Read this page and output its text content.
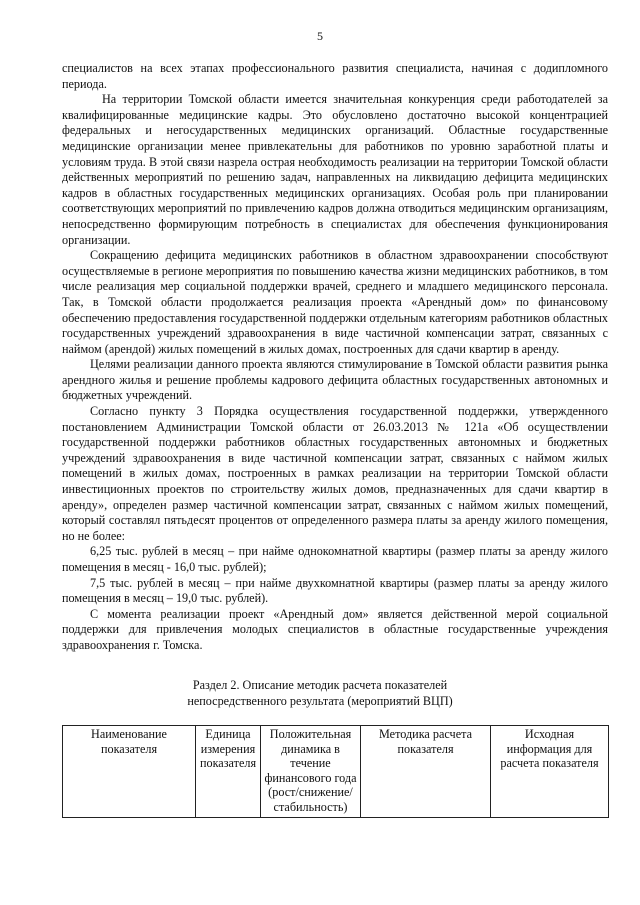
5

специалистов на всех этапах профессионального развития специалиста, начиная с додипломного периода.

На территории Томской области имеется значительная конкуренция среди работодателей за квалифицированные медицинские кадры. Это обусловлено достаточно высокой концентрацией федеральных и негосударственных медицинских организаций. Областные государственные медицинские организации менее привлекательны для работников по уровню заработной платы и условиям труда. В этой связи назрела острая необходимость реализации на территории Томской области действенных мероприятий по решению задач, направленных на ликвидацию дефицита медицинских кадров в областных государственных медицинских организациях. Особая роль при планировании соответствующих мероприятий по привлечению кадров должна отводиться медицинским организациям, непосредственно формирующим потребность в специалистах для обеспечения функционирования организации.

Сокращению дефицита медицинских работников в областном здравоохранении способствуют осуществляемые в регионе мероприятия по повышению качества жизни медицинских работников, в том числе реализация мер социальной поддержки врачей, среднего и младшего медицинского персонала. Так, в Томской области продолжается реализация проекта «Арендный дом» по финансовому обеспечению предоставления государственной поддержки отдельным категориям работников областных государственных учреждений здравоохранения в виде частичной компенсации затрат, связанных с наймом (арендой) жилых помещений в жилых домах, построенных для сдачи квартир в аренду.

Целями реализации данного проекта являются стимулирование в Томской области развития рынка арендного жилья и решение проблемы кадрового дефицита областных государственных автономных и бюджетных учреждений.

Согласно пункту 3 Порядка осуществления государственной поддержки, утвержденного постановлением Администрации Томской области от 26.03.2013 № 121а «Об осуществлении государственной поддержки работников областных государственных автономных и бюджетных учреждений здравоохранения в виде частичной компенсации затрат, связанных с наймом жилых помещений в жилых домах, построенных в рамках реализации на территории Томской области инвестиционных проектов по строительству жилых домов, предназначенных для сдачи квартир в аренду», определен размер частичной компенсации затрат, связанных с наймом жилых помещений, который составлял пятьдесят процентов от определенного размера платы за аренду жилого помещения, но не более:

6,25 тыс. рублей в месяц – при найме однокомнатной квартиры (размер платы за аренду жилого помещения в месяц - 16,0 тыс. рублей);

7,5 тыс. рублей в месяц – при найме двухкомнатной квартиры (размер платы за аренду жилого помещения в месяц – 19,0 тыс. рублей).

С момента реализации проект «Арендный дом» является действенной мерой социальной поддержки для привлечения молодых специалистов в областные государственные учреждения здравоохранения г. Томска.

Раздел 2. Описание методик расчета показателей
непосредственного результата (мероприятий ВЦП)
Наименование показателя	Единица измерения показателя	Положительная динамика в течение финансового года (рост/снижение/ стабильность)	Методика расчета показателя	Исходная информация для расчета показателя
